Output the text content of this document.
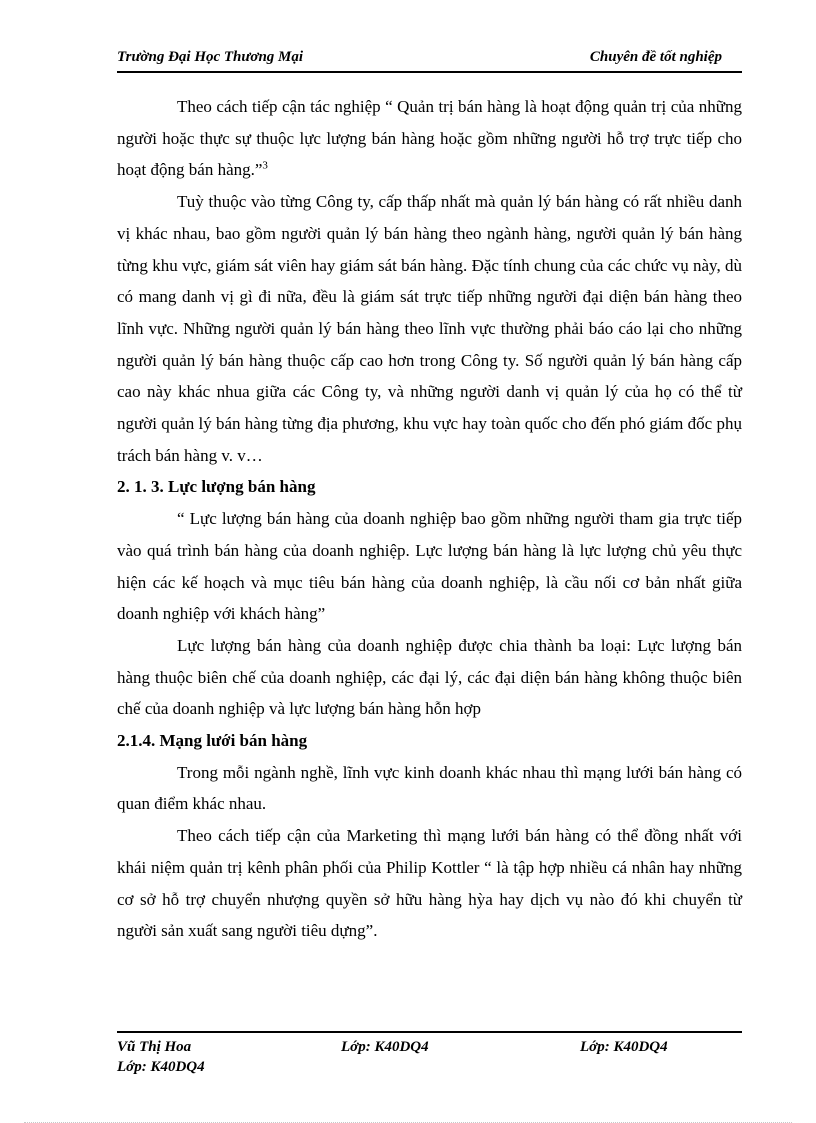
Trường Đại Học Thương Mại	Chuyên đề tốt nghiệp

Theo cách tiếp cận tác nghiệp “ Quản trị bán hàng là hoạt động quản trị của những người hoặc thực sự thuộc lực lượng bán hàng hoặc gồm những người hỗ trợ trực tiếp cho hoạt động bán hàng.”$^3$

Tuỳ thuộc vào từng Công ty, cấp thấp nhất mà quản lý bán hàng có rất nhiều danh vị khác nhau, bao gồm người quản lý bán hàng theo ngành hàng, người quản lý bán hàng từng khu vực, giám sát viên hay giám sát bán hàng. Đặc tính chung của các chức vụ này, dù có mang danh vị gì đi nữa, đều là giám sát trực tiếp những người đại diện bán hàng theo lĩnh vực. Những người quản lý bán hàng theo lĩnh vực thường phải báo cáo lại cho những người quản lý bán hàng thuộc cấp cao hơn trong Công ty. Số người quản lý bán hàng cấp cao này khác nhua giữa các Công ty, và những người danh vị quản lý của họ có thể từ người quản lý bán hàng từng địa phương, khu vực hay toàn quốc cho đến phó giám đốc phụ trách bán hàng v. v…

2. 1. 3. Lực lượng bán hàng

“ Lực lượng bán hàng của doanh nghiệp bao gồm những người tham gia trực tiếp vào quá trình bán hàng của doanh nghiệp. Lực lượng bán hàng là lực lượng chủ yêu thực hiện các kế hoạch và mục tiêu bán hàng của doanh nghiệp, là cầu nối cơ bản nhất giữa doanh nghiệp với khách hàng”

Lực lượng bán hàng của doanh nghiệp được chia thành ba loại: Lực lượng bán hàng thuộc biên chế của doanh nghiệp, các đại lý, các đại diện bán hàng không thuộc biên chế của doanh nghiệp và lực lượng bán hàng hỗn hợp

2.1.4. Mạng lưới bán hàng

Trong mỗi ngành nghề, lĩnh vực kinh doanh khác nhau thì mạng lưới bán hàng có quan điểm khác nhau.

Theo cách tiếp cận của Marketing thì mạng lưới bán hàng có thể đồng nhất với khái niệm quản trị kênh phân phối của Philip Kottler “ là tập hợp nhiều cá nhân hay những cơ sở hỗ trợ chuyển nhượng quyền sở hữu hàng hỳa hay dịch vụ nào đó khi chuyển từ người sản xuất sang người tiêu dựng”.

Vũ Thị Hoa	Lớp: K40DQ4	Lớp: K40DQ4
Lớp: K40DQ4
